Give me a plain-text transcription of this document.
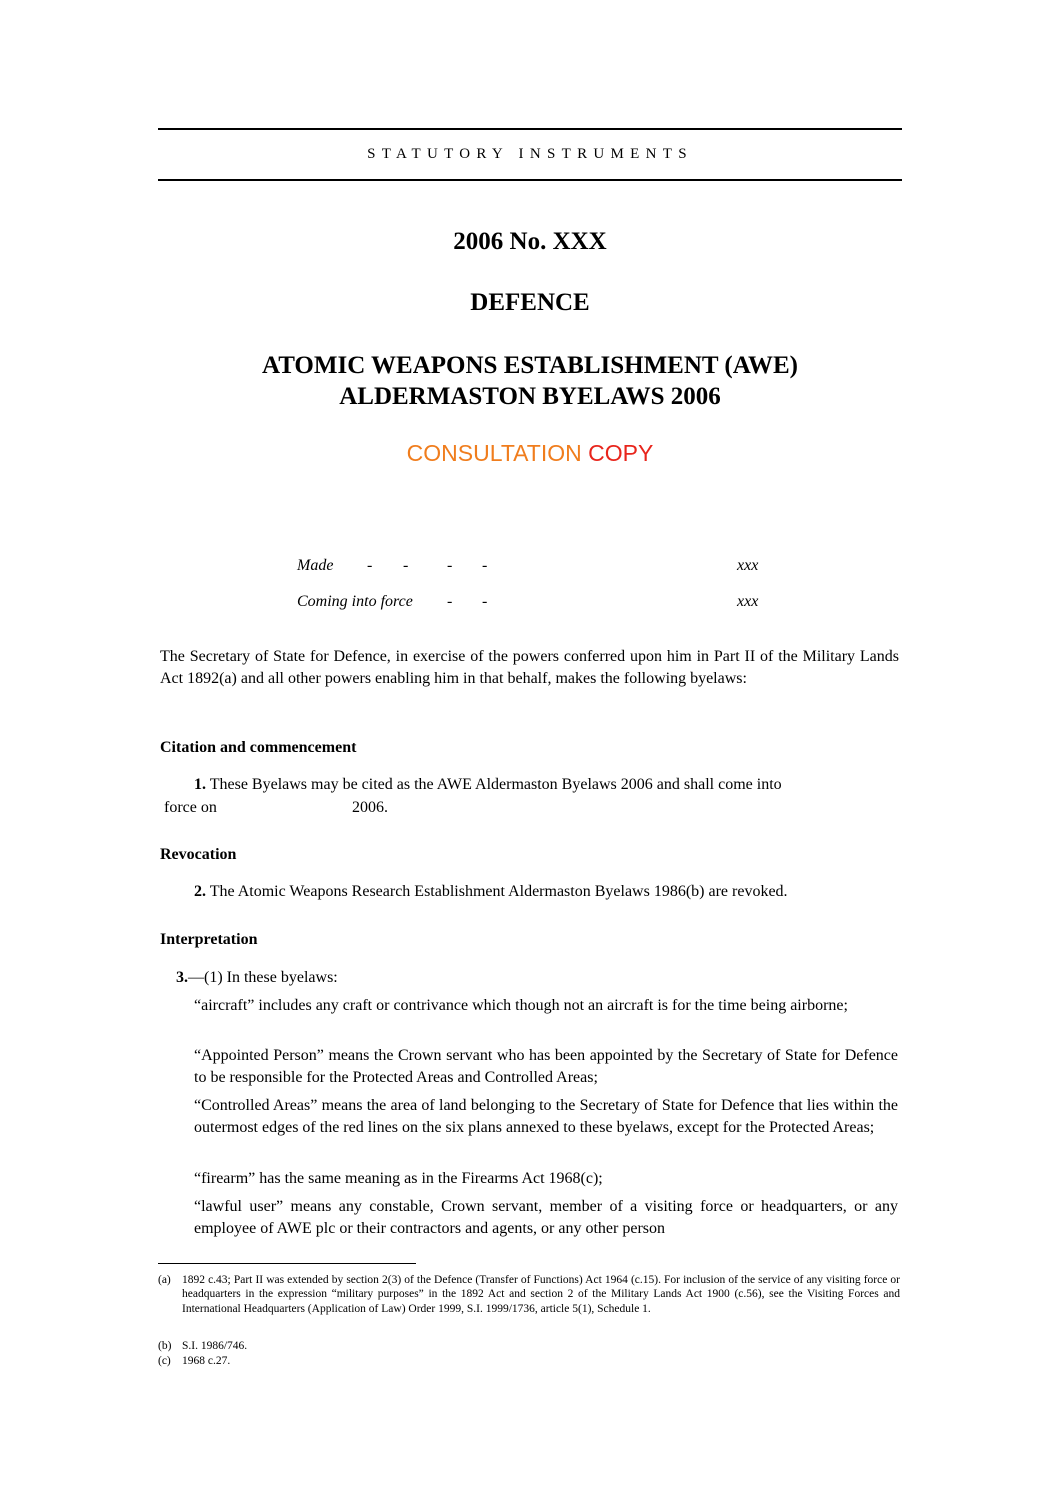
STATUTORY INSTRUMENTS
2006 No. XXX
DEFENCE
ATOMIC WEAPONS ESTABLISHMENT (AWE)
ALDERMASTON BYELAWS 2006
CONSULTATION COPY
Made - - - -	xxx
Coming into force - -	xxx
The Secretary of State for Defence, in exercise of the powers conferred upon him in Part II of the Military Lands Act 1892(a) and all other powers enabling him in that behalf, makes the following byelaws:
Citation and commencement
1. These Byelaws may be cited as the AWE Aldermaston Byelaws 2006 and shall come into
force on	2006.
Revocation
2. The Atomic Weapons Research Establishment Aldermaston Byelaws 1986(b) are revoked.
Interpretation
3.—(1) In these byelaws:
“aircraft” includes any craft or contrivance which though not an aircraft is for the time being airborne;
“Appointed Person” means the Crown servant who has been appointed by the Secretary of State for Defence to be responsible for the Protected Areas and Controlled Areas;
“Controlled Areas” means the area of land belonging to the Secretary of State for Defence that lies within the outermost edges of the red lines on the six plans annexed to these byelaws, except for the Protected Areas;
“firearm” has the same meaning as in the Firearms Act 1968(c);
“lawful user” means any constable, Crown servant, member of a visiting force or headquarters, or any employee of AWE plc or their contractors and agents, or any other person
(a) 1892 c.43; Part II was extended by section 2(3) of the Defence (Transfer of Functions) Act 1964 (c.15). For inclusion of the service of any visiting force or headquarters in the expression “military purposes” in the 1892 Act and section 2 of the Military Lands Act 1900 (c.56), see the Visiting Forces and International Headquarters (Application of Law) Order 1999, S.I. 1999/1736, article 5(1), Schedule 1.
(b) S.I. 1986/746.
(c) 1968 c.27.
